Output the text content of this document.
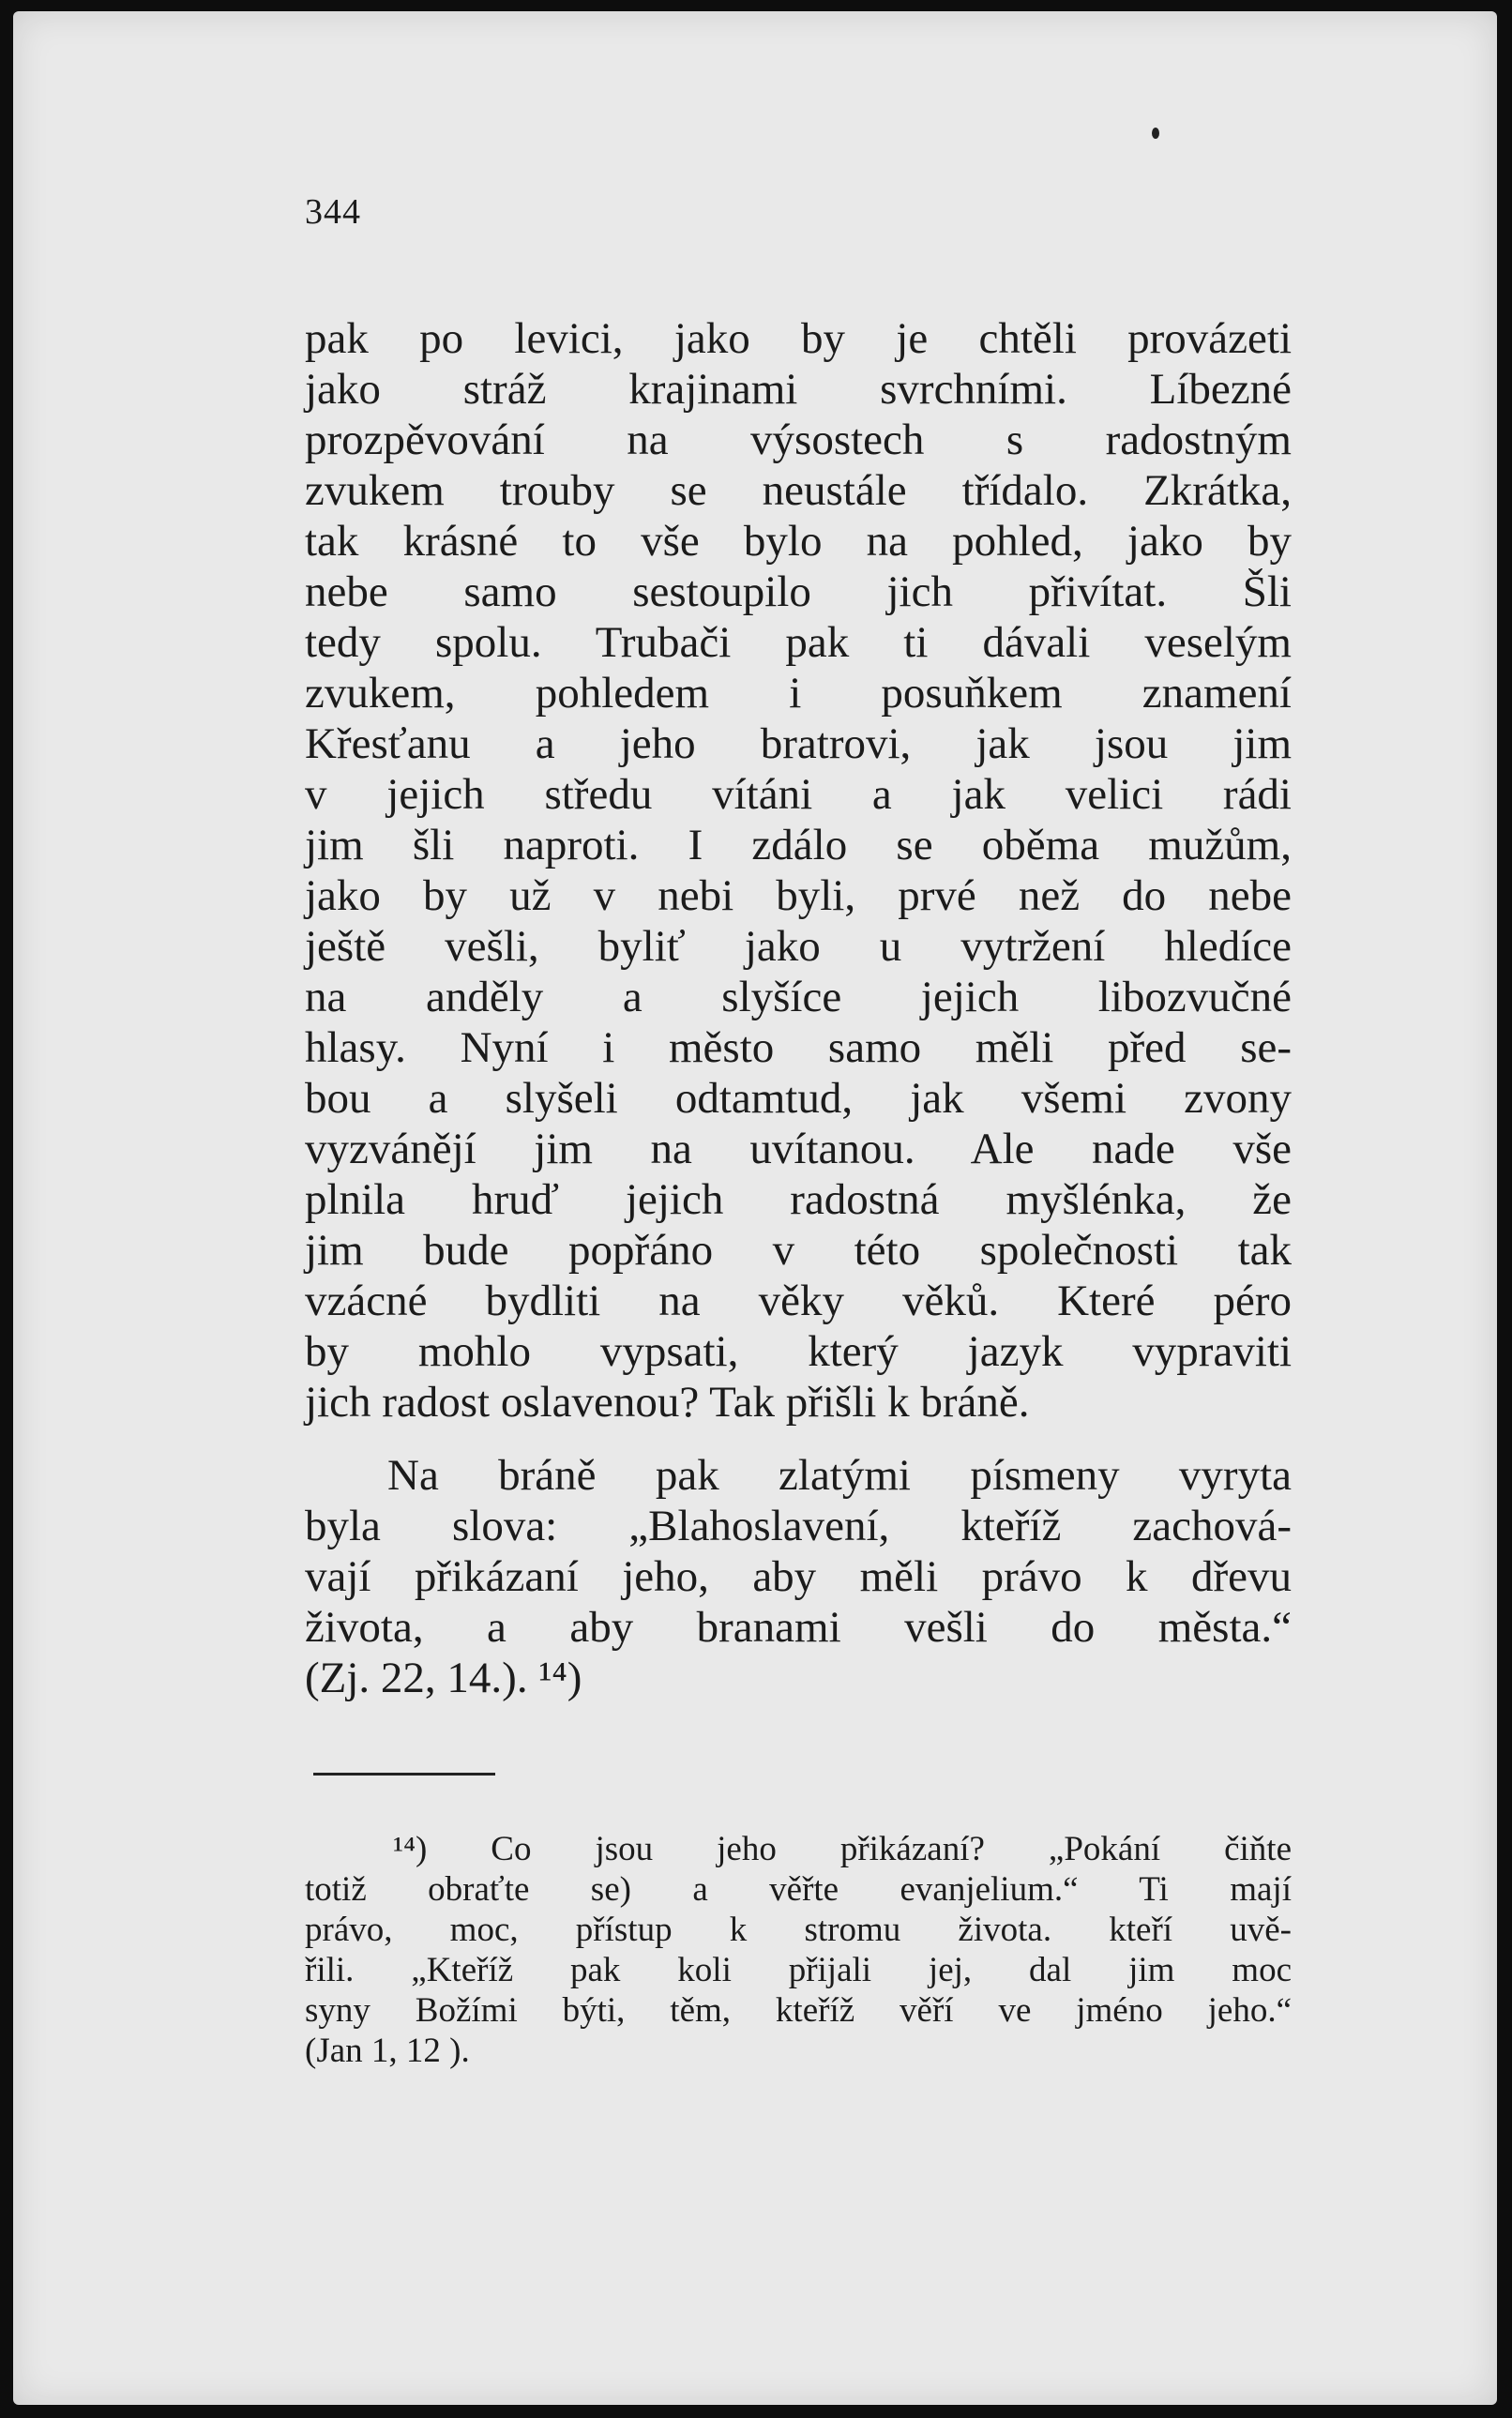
344
pak po levici, jako by je chtěli provázeti
jako stráž krajinami svrchními. Líbezné
prozpěvování na výsostech s radostným
zvukem trouby se neustále třídalo. Zkrátka,
tak krásné to vše bylo na pohled, jako by
nebe samo sestoupilo jich přivítat. Šli
tedy spolu. Trubači pak ti dávali veselým
zvukem, pohledem i posuňkem znamení
Křesťanu a jeho bratrovi, jak jsou jim
v jejich středu vítáni a jak velici rádi
jim šli naproti. I zdálo se oběma mužům,
jako by už v nebi byli, prvé než do nebe
ještě vešli, byliť jako u vytržení hledíce
na anděly a slyšíce jejich libozvučné
hlasy. Nyní i město samo měli před se-
bou a slyšeli odtamtud, jak všemi zvony
vyzvánějí jim na uvítanou. Ale nade vše
plnila hruď jejich radostná myšlénka, že
jim bude popřáno v této společnosti tak
vzácné bydliti na věky věků. Které péro
by mohlo vypsati, který jazyk vypraviti
jich radost oslavenou? Tak přišli k bráně.
Na bráně pak zlatými písmeny vyryta
byla slova: „Blahoslavení, kteříž zachová-
vají přikázaní jeho, aby měli právo k dřevu
života, a aby branami vešli do města.“
(Zj. 22, 14.). ¹⁴)
¹⁴) Co jsou jeho přikázaní? „Pokání čiňte
totiž obraťte se) a věřte evanjelium.“ Ti mají
právo, moc, přístup k stromu života. kteří uvě-
řili. „Kteříž pak koli přijali jej, dal jim moc
syny Božími býti, těm, kteříž věří ve jméno jeho.“
(Jan 1, 12 ).
